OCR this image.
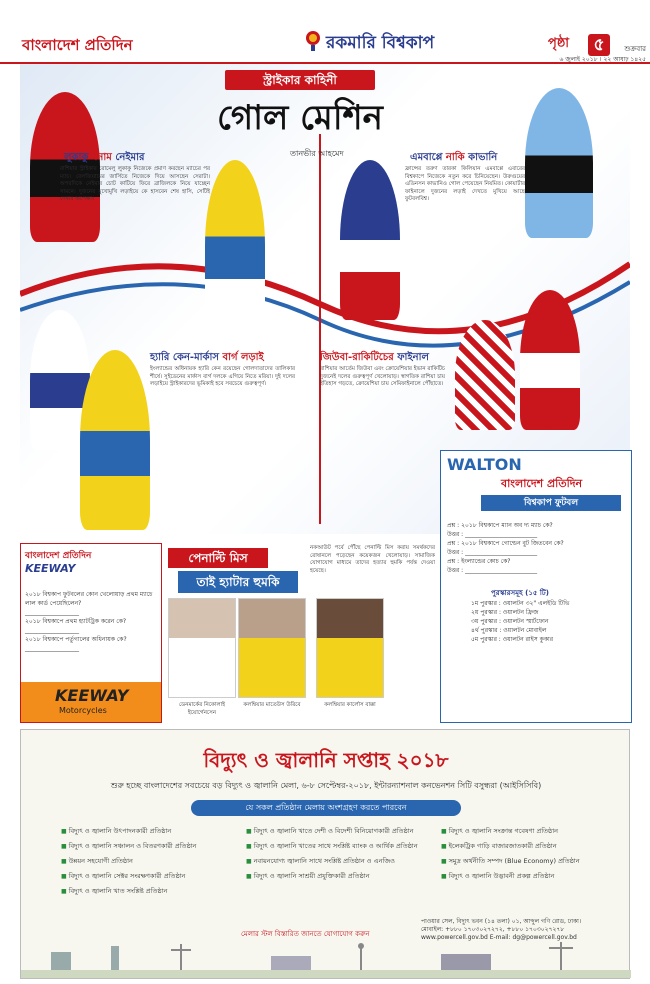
বাংলাদেশ প্রতিদিন	রকমারি বিশ্বকাপ	পৃষ্ঠা	৫	শুক্রবার
৬ জুলাই ২০১৮ । ২২ আষাঢ় ১৪২৫
স্ট্রাইকার কাহিনী
গোল মেশিন
তানভীর আহমেদ
লুকাকু বনাম নেইমার
রাশিয়ার স্ট্রাইকার রোমেলু লুকাকু নিজেকে প্রমাণ করছেন ম্যাচের পর ম্যাচ। বেলজিয়ামের জার্সিতে নিজেকে দিয়ে আসছেন সেরাটা। অপরদিকে নেইমার চোট কাটিয়ে ফিরে ব্রাজিলকে নিয়ে যাচ্ছেন সামনে। দুজনের মুখোমুখি লড়াইয়ে কে হাসবেন শেষ হাসি, সেটিই দেখার অপেক্ষা।
এমবাপ্পে নাকি কাভানি
ফ্রান্সের তরুণ তারকা কিলিয়ান এমবাপ্পে এবারের বিশ্বকাপে নিজেকে নতুন করে চিনিয়েছেন। উরুগুয়ের এডিনসন কাভানিও গোল পেয়েছেন নিয়মিত। কোয়ার্টার ফাইনালে দুজনের লড়াই দেখতে মুখিয়ে আছে ফুটবলবিশ্ব।
হ্যারি কেন-মার্কাস বার্গ লড়াই
ইংল্যান্ডের অধিনায়ক হ্যারি কেন রয়েছেন গোলদাতাদের তালিকার শীর্ষে। সুইডেনের মার্কাস বার্গ দলকে এগিয়ে নিতে মরিয়া। দুই দলের লড়াইয়ে স্ট্রাইকারদের ভূমিকাই হবে সবচেয়ে গুরুত্বপূর্ণ।
জিউবা-রাকিটিচের ফাইনাল
রাশিয়ার আর্তেম জিউবা এবং ক্রোয়েশিয়ার ইভান রাকিটিচ দুজনেই দলের গুরুত্বপূর্ণ খেলোয়াড়। স্বাগতিক রাশিয়া চায় ইতিহাস গড়তে, ক্রোয়েশিয়া চায় সেমিফাইনালে পৌঁছাতে।
পেনাল্টি মিস
তাই হ্যাটার হুমকি
নকআউট পর্বে পৌঁছে পেনাল্টি মিস করায় সমর্থকদের রোষানলে পড়েছেন কয়েকজন খেলোয়াড়। সামাজিক যোগাযোগ মাধ্যমে তাদের হত্যার হুমকি পর্যন্ত দেওয়া হয়েছে।
ডেনমার্কের নিকোলাই ইয়োর্গেনসেন
কলম্বিয়ার মাতেউস উরিবে	কলম্বিয়ার কার্লোস বাক্কা
বাংলাদেশ প্রতিদিন
KEEWAY
২০১৮ বিশ্বকাপ ফুটবলের কোন খেলোয়াড় প্রথম ম্যাচে লাল কার্ড পেয়েছিলেন?
__________________
২০১৮ বিশ্বকাপে প্রথম হ্যাটট্রিক করেন কে?
__________________
২০১৮ বিশ্বকাপে পর্তুগালের অধিনায়ক কে?
__________________
KEEWAY
Motorcycles
WALTON
বাংলাদেশ প্রতিদিন
বিশ্বকাপ ফুটবল
প্রশ্ন : ২০১৮ বিশ্বকাপে ম্যান অব দ্য ম্যাচ কে?
উত্তর : ________________________
প্রশ্ন : ২০১৮ বিশ্বকাপে গোল্ডেন বুট জিতবেন কে?
উত্তর : ________________________
প্রশ্ন : ইংল্যান্ডের কোচ কে?
উত্তর : ________________________
পুরস্কারসমূহ (১৫ টি)
১ম পুরস্কার : ওয়ালটন ৩২" এলইডি টিভি
২য় পুরস্কার : ওয়ালটন ফ্রিজ
৩য় পুরস্কার : ওয়ালটন স্মার্টফোন
৪র্থ পুরস্কার : ওয়ালটন মোবাইল
৫ম পুরস্কার : ওয়ালটন রাইস কুকার
বিদ্যুৎ ও জ্বালানি সপ্তাহ ২০১৮
শুরু হচ্ছে বাংলাদেশের সবচেয়ে বড় বিদ্যুৎ ও জ্বালানি মেলা, ৬-৮ সেপ্টেম্বর-২০১৮, ইন্টারন্যাশনাল কনভেনশন সিটি বসুন্ধরা (আইসিসিবি)
যে সকল প্রতিষ্ঠান মেলায় অংশগ্রহণ করতে পারবেন
■ বিদ্যুৎ ও জ্বালানি উৎপাদনকারী প্রতিষ্ঠান
■ বিদ্যুৎ ও জ্বালানি সঞ্চালন ও বিতরণকারী প্রতিষ্ঠান
■ উন্নয়ন সহযোগী প্রতিষ্ঠান
■ বিদ্যুৎ ও জ্বালানি সেক্টর সংরক্ষণকারী প্রতিষ্ঠান
■ বিদ্যুৎ ও জ্বালানি খাত সংশ্লিষ্ট প্রতিষ্ঠান
■ বিদ্যুৎ ও জ্বালানি খাতে দেশী ও বিদেশী বিনিয়োগকারী প্রতিষ্ঠান
■ বিদ্যুৎ ও জ্বালানি খাতের সাথে সংশ্লিষ্ট ব্যাংক ও আর্থিক প্রতিষ্ঠান
■ নবায়নযোগ্য জ্বালানি সাথে সংশ্লিষ্ট প্রতিষ্ঠান ও এনজিও
■ বিদ্যুৎ ও জ্বালানি সাশ্রয়ী প্রযুক্তিকারী প্রতিষ্ঠান
■ বিদ্যুৎ ও জ্বালানি সংক্রান্ত গবেষণা প্রতিষ্ঠান
■ ইলেকট্রিক গাড়ি বাজারজাতকারী প্রতিষ্ঠান
■ সমুদ্র অর্থনীতি সম্পদ (Blue Economy) প্রতিষ্ঠান
■ বিদ্যুৎ ও জ্বালানি উদ্ভাবনী প্রকল্প প্রতিষ্ঠান
মেলার স্টল বিস্তারিত জানতে যোগাযোগ করুন
পাওয়ার সেল, বিদ্যুৎ ভবন (১৪ তলা) ০১, আব্দুল গণি রোড, ঢাকা।
মোবাইল: +৮৮০ ১৭০৩০২৭২৭২, +৮৮০ ১৭০৩০২৭২৭৮
www.powercell.gov.bd E-mail: dg@powercell.gov.bd
